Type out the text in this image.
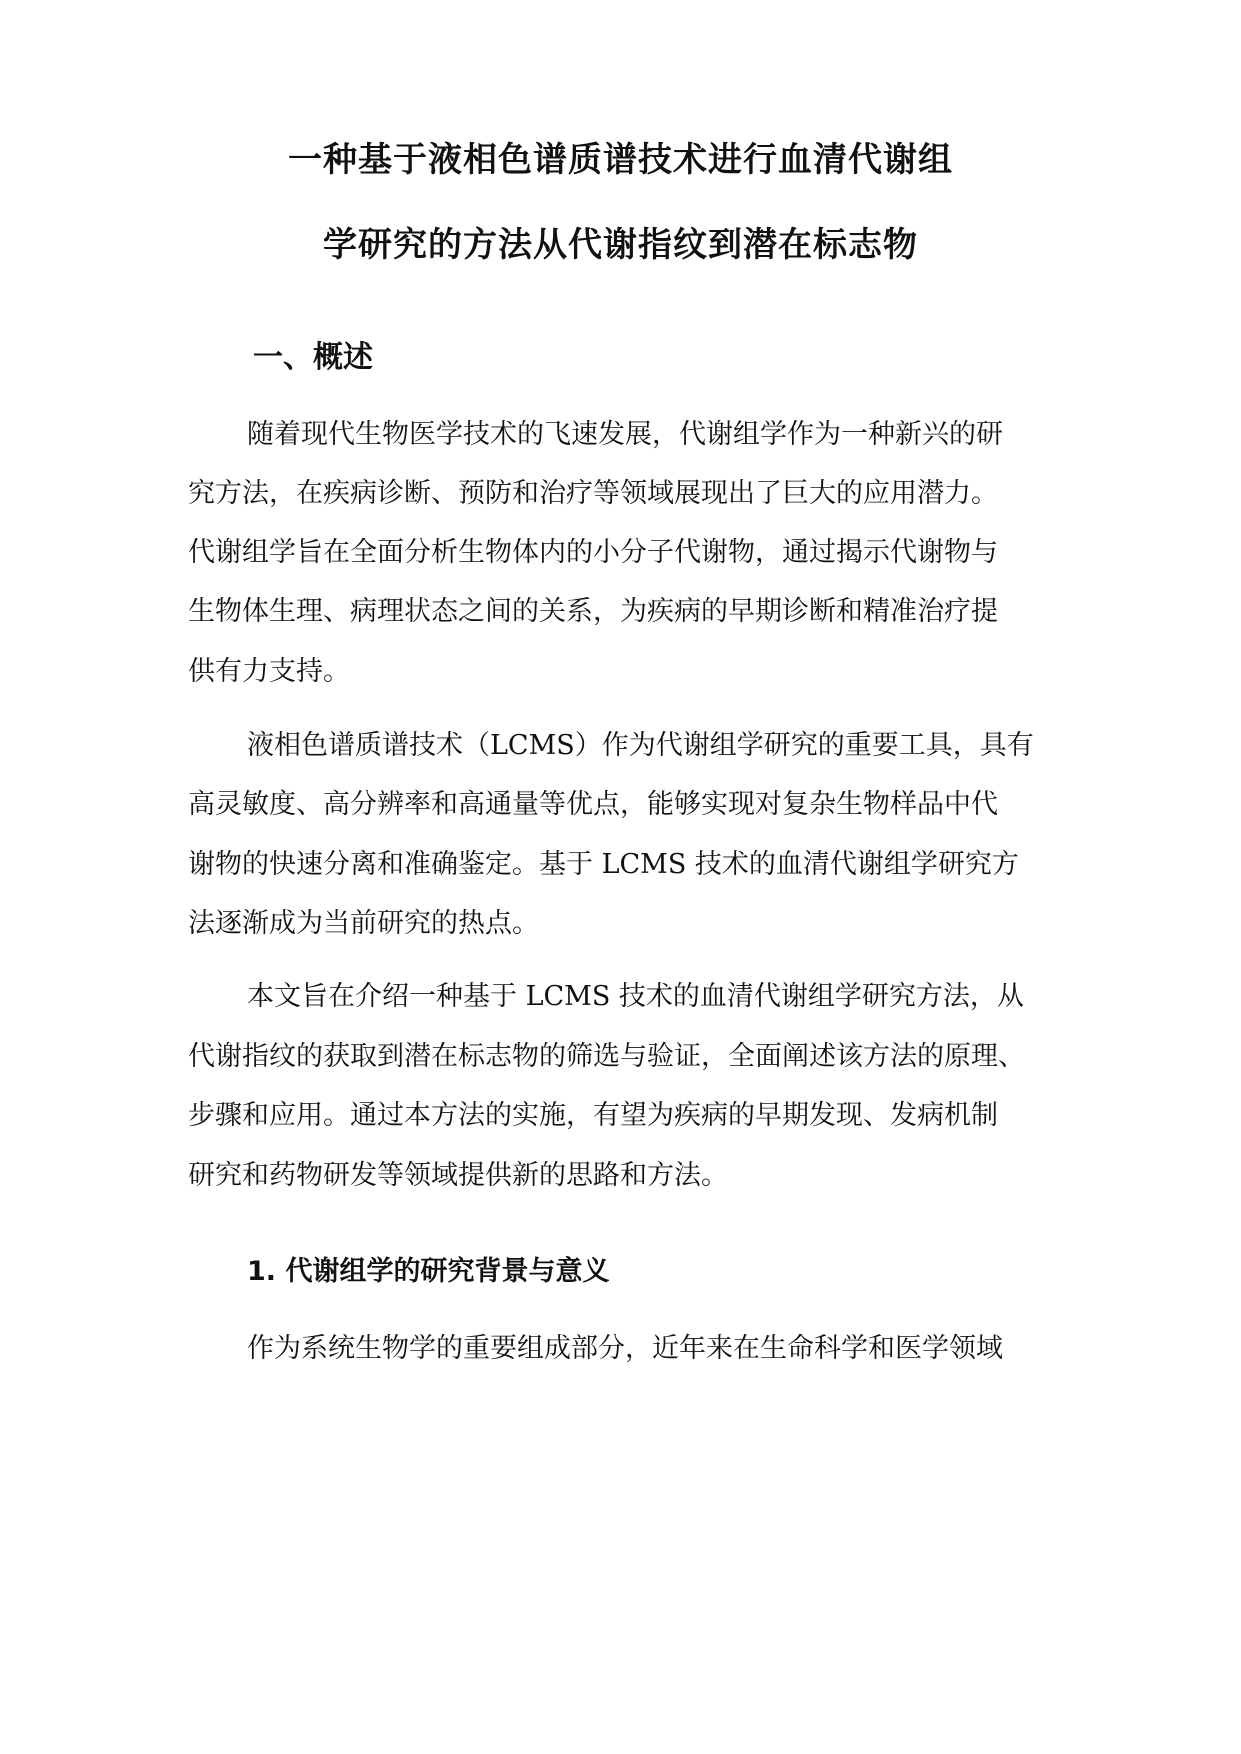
一种基于液相色谱质谱技术进行血清代谢组
学研究的方法从代谢指纹到潜在标志物
一、概述
随着现代生物医学技术的飞速发展，代谢组学作为一种新兴的研
究方法，在疾病诊断、预防和治疗等领域展现出了巨大的应用潜力。
代谢组学旨在全面分析生物体内的小分子代谢物，通过揭示代谢物与
生物体生理、病理状态之间的关系，为疾病的早期诊断和精准治疗提
供有力支持。
液相色谱质谱技术（LCMS）作为代谢组学研究的重要工具，具有
高灵敏度、高分辨率和高通量等优点，能够实现对复杂生物样品中代
谢物的快速分离和准确鉴定。基于 LCMS 技术的血清代谢组学研究方
法逐渐成为当前研究的热点。
本文旨在介绍一种基于 LCMS 技术的血清代谢组学研究方法，从
代谢指纹的获取到潜在标志物的筛选与验证，全面阐述该方法的原理、
步骤和应用。通过本方法的实施，有望为疾病的早期发现、发病机制
研究和药物研发等领域提供新的思路和方法。
1. 代谢组学的研究背景与意义
作为系统生物学的重要组成部分，近年来在生命科学和医学领域
